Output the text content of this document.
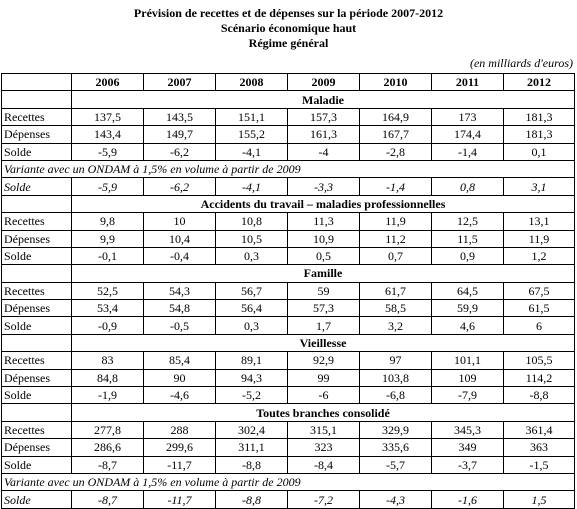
Prévision de recettes et de dépenses sur la période 2007-2012
Scénario économique haut
Régime général
(en milliards d'euros)
	2006	2007	2008	2009	2010	2011	2012
	Maladie						
Recettes	137,5	143,5	151,1	157,3	164,9	173	181,3
Dépenses	143,4	149,7	155,2	161,3	167,7	174,4	181,3
Solde	-5,9	-6,2	-4,1	-4	-2,8	-1,4	0,1
Variante avec un ONDAM à 1,5% en volume à partir de 2009							
Solde	-5,9	-6,2	-4,1	-3,3	-1,4	0,8	3,1
	Accidents du travail – maladies professionnelles						
Recettes	9,8	10	10,8	11,3	11,9	12,5	13,1
Dépenses	9,9	10,4	10,5	10,9	11,2	11,5	11,9
Solde	-0,1	-0,4	0,3	0,5	0,7	0,9	1,2
	Famille						
Recettes	52,5	54,3	56,7	59	61,7	64,5	67,5
Dépenses	53,4	54,8	56,4	57,3	58,5	59,9	61,5
Solde	-0,9	-0,5	0,3	1,7	3,2	4,6	6
	Vieillesse						
Recettes	83	85,4	89,1	92,9	97	101,1	105,5
Dépenses	84,8	90	94,3	99	103,8	109	114,2
Solde	-1,9	-4,6	-5,2	-6	-6,8	-7,9	-8,8
	Toutes branches consolidé						
Recettes	277,8	288	302,4	315,1	329,9	345,3	361,4
Dépenses	286,6	299,6	311,1	323	335,6	349	363
Solde	-8,7	-11,7	-8,8	-8,4	-5,7	-3,7	-1,5
Variante avec un ONDAM à 1,5% en volume à partir de 2009							
Solde	-8,7	-11,7	-8,8	-7,2	-4,3	-1,6	1,5
